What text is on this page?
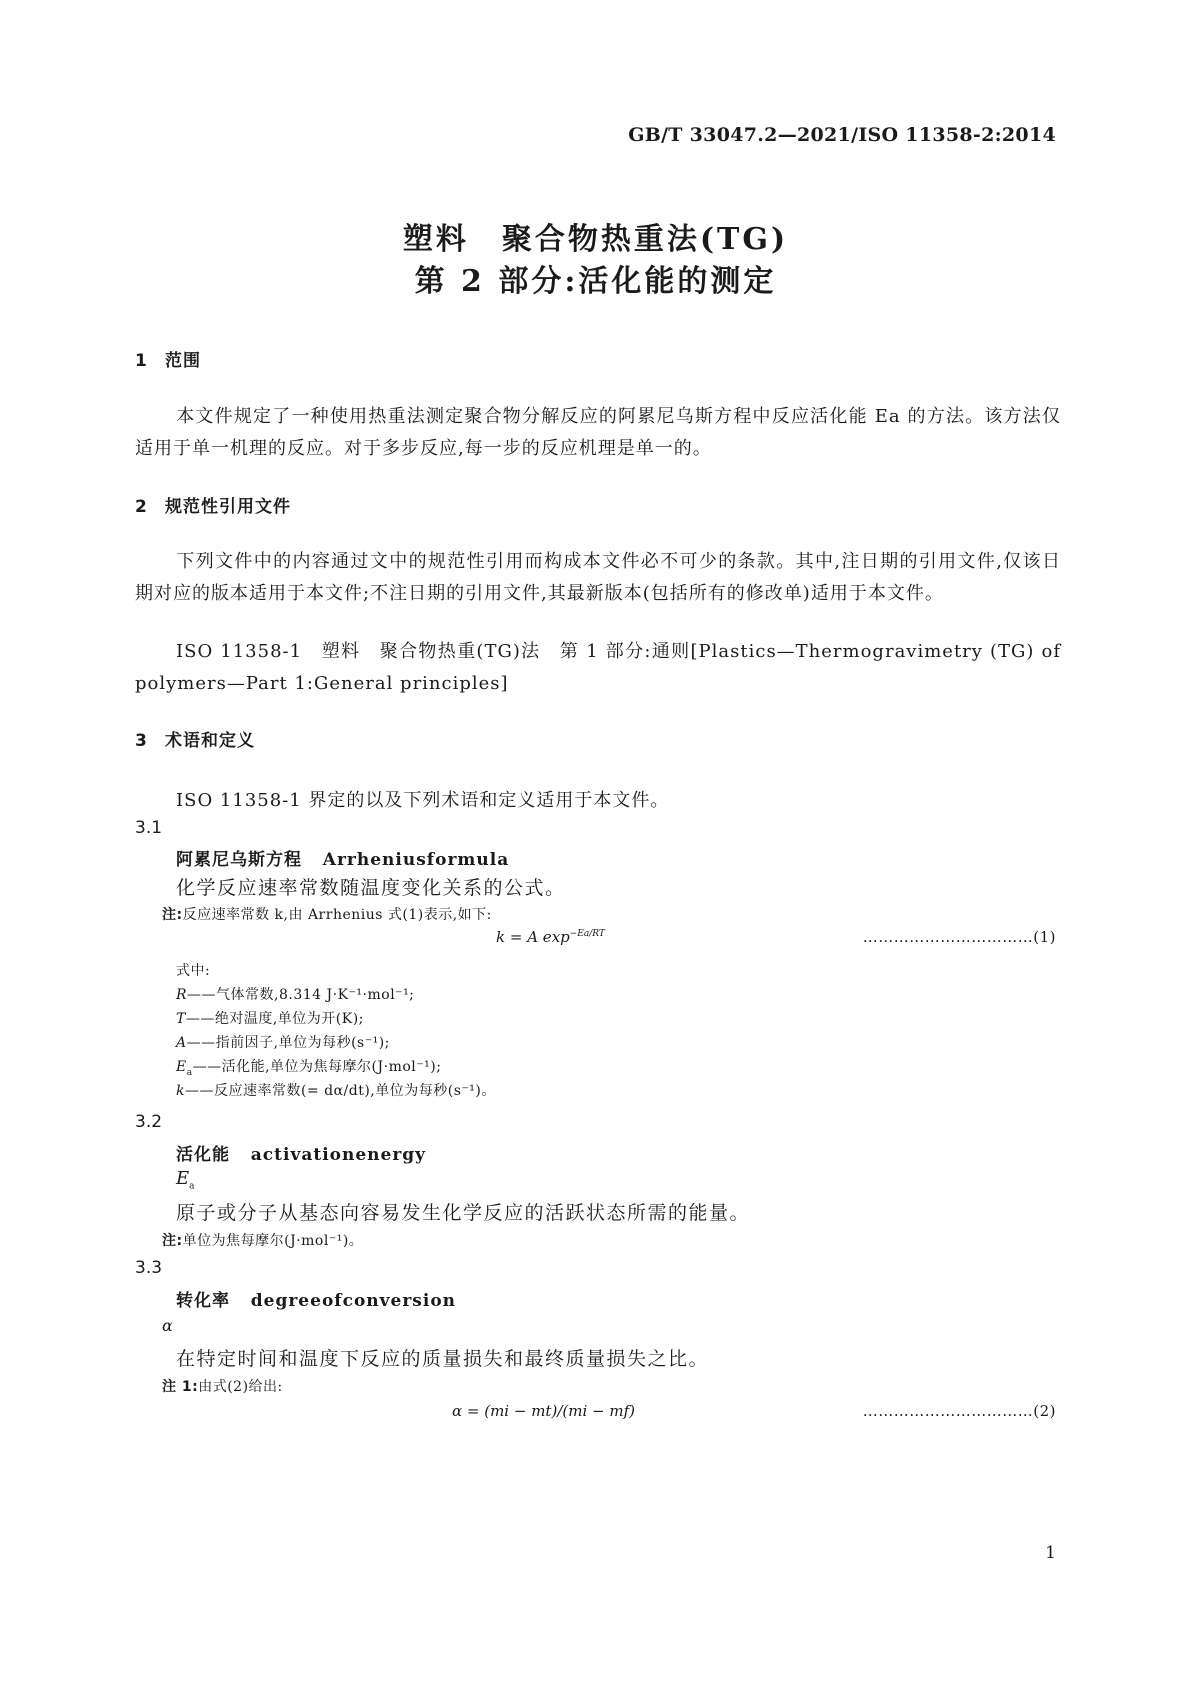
GB/T 33047.2—2021/ISO 11358-2:2014
塑料　聚合物热重法(TG)
第 2 部分:活化能的测定
1 范围
本文件规定了一种使用热重法测定聚合物分解反应的阿累尼乌斯方程中反应活化能 Ea 的方法。该方法仅适用于单一机理的反应。对于多步反应,每一步的反应机理是单一的。
2 规范性引用文件
下列文件中的内容通过文中的规范性引用而构成本文件必不可少的条款。其中,注日期的引用文件,仅该日期对应的版本适用于本文件;不注日期的引用文件,其最新版本(包括所有的修改单)适用于本文件。
ISO 11358-1　塑料　聚合物热重(TG)法　第 1 部分:通则[Plastics—Thermogravimetry (TG) of polymers—Part 1:General principles]
3 术语和定义
ISO 11358-1 界定的以及下列术语和定义适用于本文件。
3.1
阿累尼乌斯方程 Arrheniusformula
化学反应速率常数随温度变化关系的公式。
注:反应速率常数 k,由 Arrhenius 式(1)表示,如下:
k = A $\exp^{-Ea/RT}$	……………………………(1)
式中:
R——气体常数,8.314 J·K⁻¹·mol⁻¹;
T——绝对温度,单位为开(K);
A——指前因子,单位为每秒(s⁻¹);
$E_a——$活化能,单位为焦每摩尔(J·mol⁻¹);
k——反应速率常数(= dα/dt),单位为每秒(s⁻¹)。
3.2
活化能 activationenergy
$E_a$
原子或分子从基态向容易发生化学反应的活跃状态所需的能量。
注:单位为焦每摩尔(J·mol⁻¹)。
3.3
转化率 degreeofconversion
α
在特定时间和温度下反应的质量损失和最终质量损失之比。
注 1:由式(2)给出:
α = (mi − mt)/(mi − mf)	……………………………(2)
1
